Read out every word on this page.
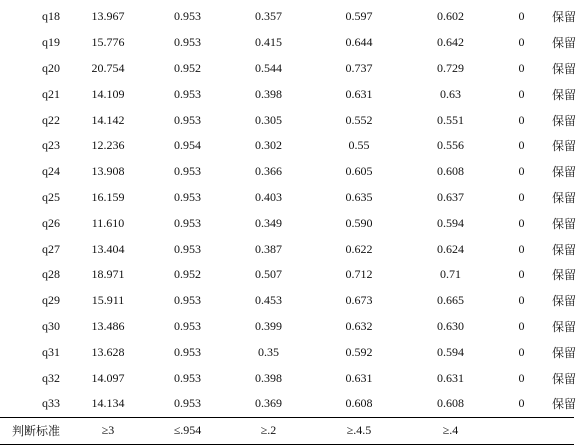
q18	13.967	0.953	0.357	0.597	0.602	0	保留
q19	15.776	0.953	0.415	0.644	0.642	0	保留
q20	20.754	0.952	0.544	0.737	0.729	0	保留
q21	14.109	0.953	0.398	0.631	0.63	0	保留
q22	14.142	0.953	0.305	0.552	0.551	0	保留
q23	12.236	0.954	0.302	0.55	0.556	0	保留
q24	13.908	0.953	0.366	0.605	0.608	0	保留
q25	16.159	0.953	0.403	0.635	0.637	0	保留
q26	11.610	0.953	0.349	0.590	0.594	0	保留
q27	13.404	0.953	0.387	0.622	0.624	0	保留
q28	18.971	0.952	0.507	0.712	0.71	0	保留
q29	15.911	0.953	0.453	0.673	0.665	0	保留
q30	13.486	0.953	0.399	0.632	0.630	0	保留
q31	13.628	0.953	0.35	0.592	0.594	0	保留
q32	14.097	0.953	0.398	0.631	0.631	0	保留
q33	14.134	0.953	0.369	0.608	0.608	0	保留
判断标准	≥3	≤.954	≥.2	≥.4.5	≥.4		
